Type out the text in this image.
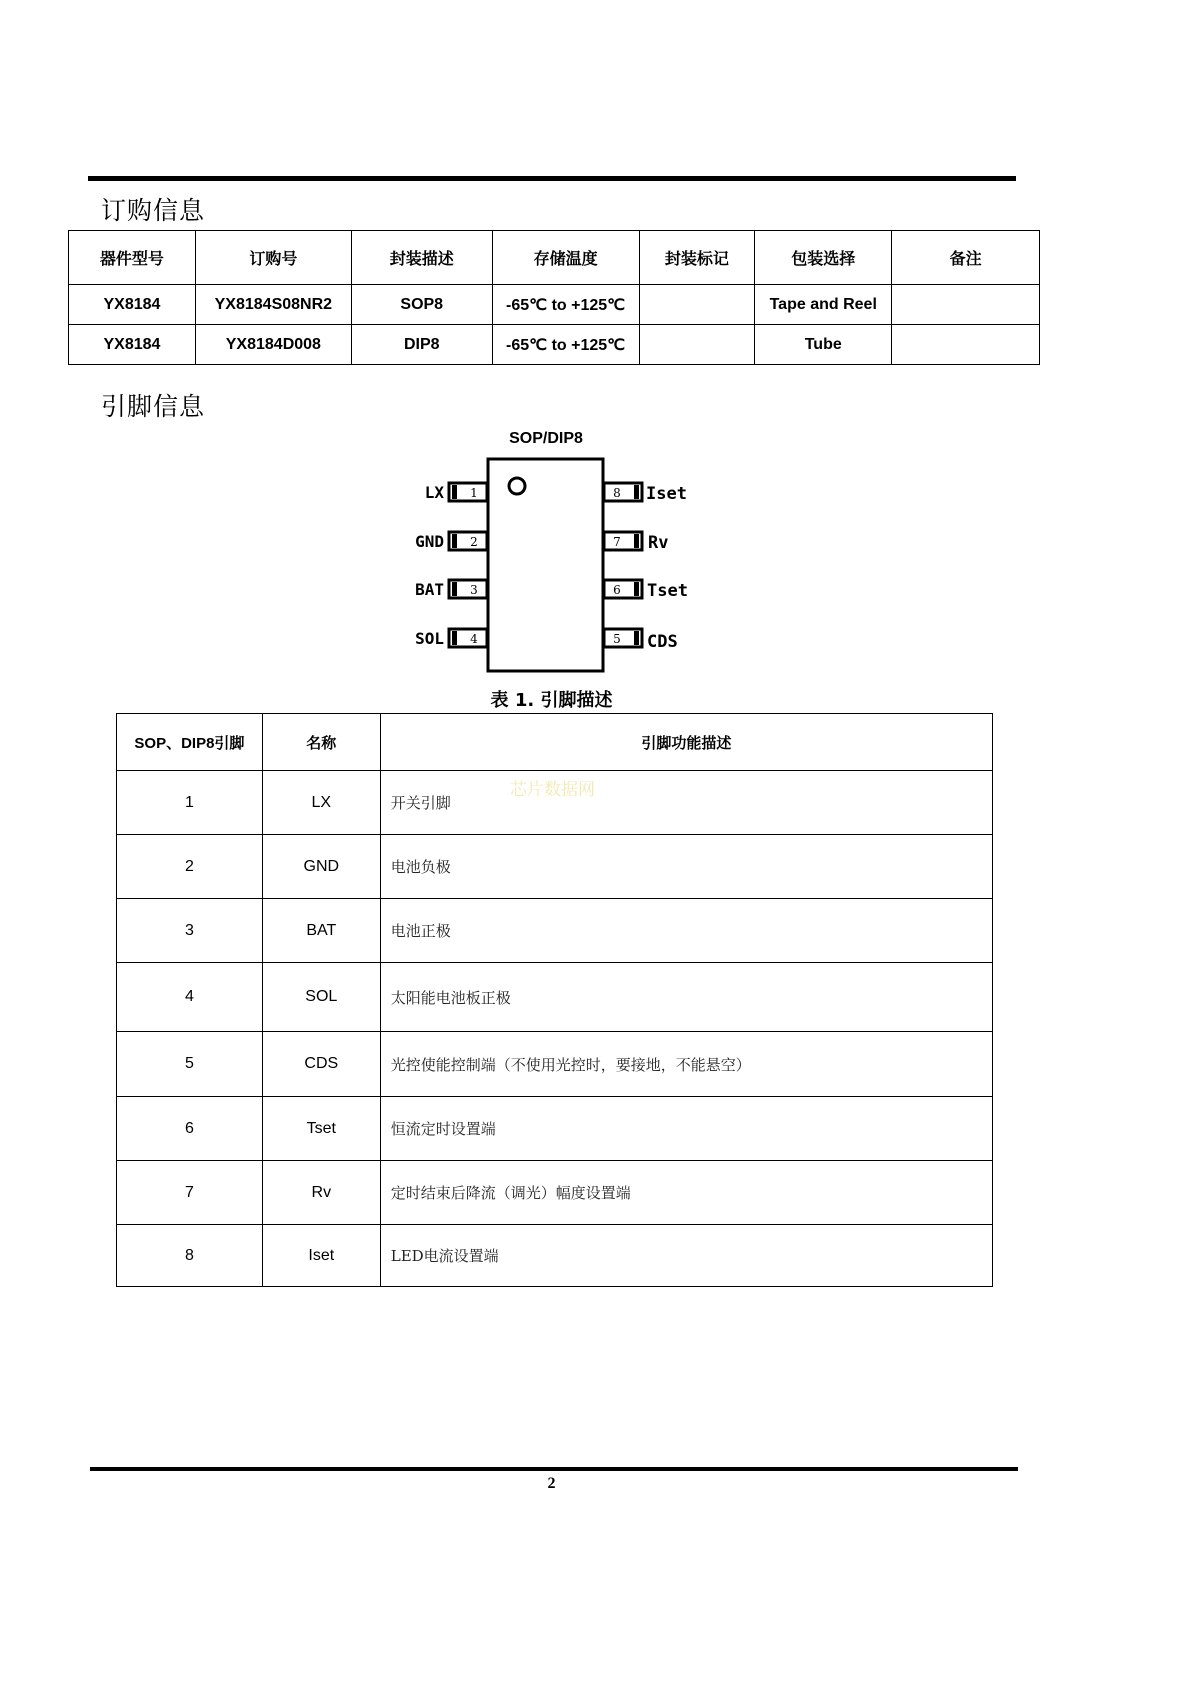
订购信息
器件型号	订购号	封装描述	存储温度	封装标记	包装选择	备注
YX8184	YX8184S08NR2	SOP8	-65℃ to +125℃		Tape and Reel	
YX8184	YX8184D008	DIP8	-65℃ to +125℃		Tube	
引脚信息
SOP/DIP8
1
LX
2
GND
3
BAT
4
SOL
8 Iset
7 Rv
6 Tset
5 CDS
表 1. 引脚描述
SOP、DIP8引脚	名称	引脚功能描述
1	LX	开关引脚
2	GND	电池负极
3	BAT	电池正极
4	SOL	太阳能电池板正极
5	CDS	光控使能控制端（不使用光控时，要接地，不能悬空）
6	Tset	恒流定时设置端
7	Rv	定时结束后降流（调光）幅度设置端
8	Iset	LED电流设置端
芯片数据网
2
